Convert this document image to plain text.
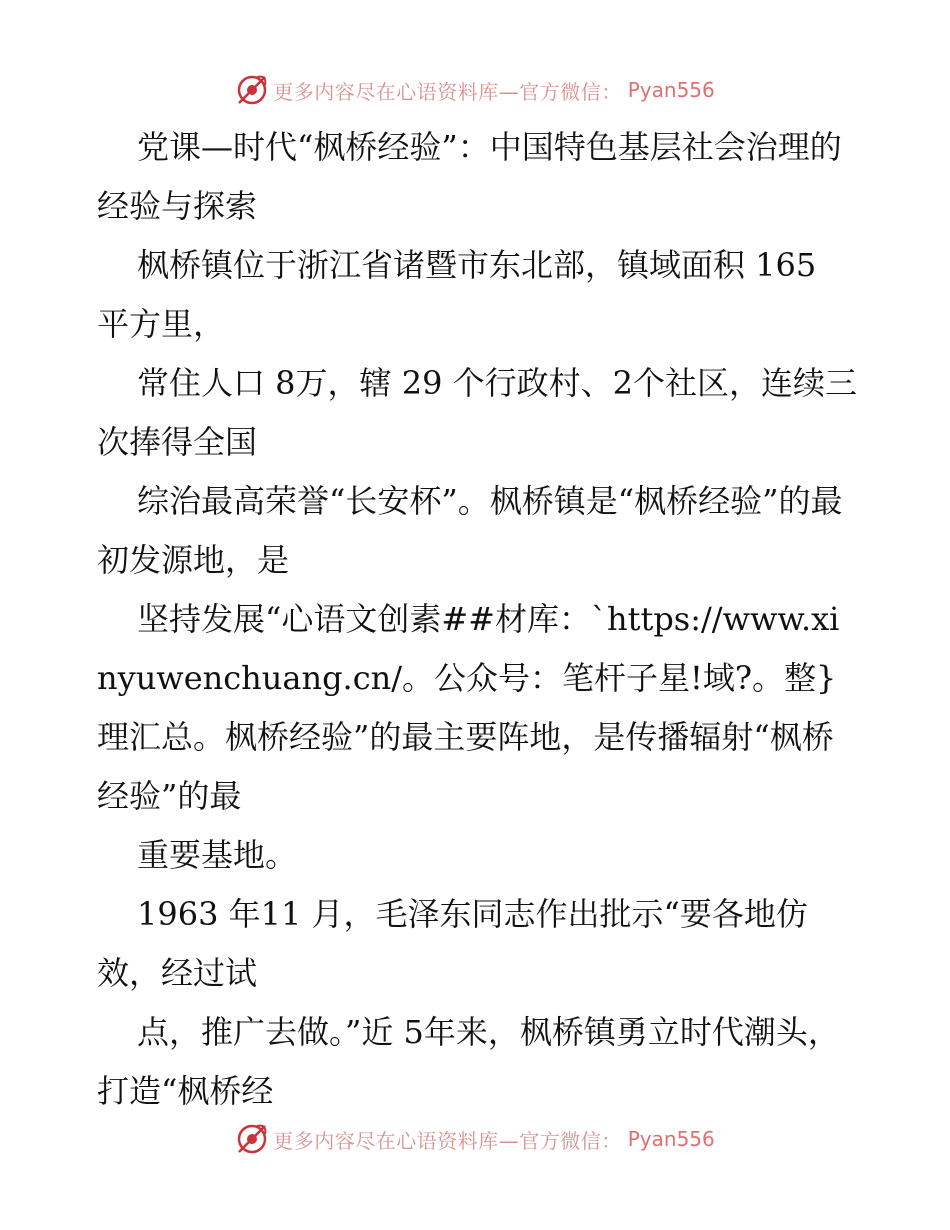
更多内容尽在心语资料库—官方微信： Pyan556

党课—时代“枫桥经验”：中国特色基层社会治理的经验与探索

枫桥镇位于浙江省诸暨市东北部，镇域面积 165 平方里，

常住人口 8万，辖 29 个行政村、2个社区，连续三次捧得全国

综治最高荣誉“长安杯”。枫桥镇是“枫桥经验”的最初发源地，是

坚持发展“心语文创素##材库：`https://www.xinyuwenchuang.cn/。公众号：笔杆子星!域?。整}理汇总。枫桥经验”的最主要阵地，是传播辐射“枫桥经验”的最

重要基地。

1963 年11 月，毛泽东同志作出批示“要各地仿效，经过试

点，推广去做。”近 5年来，枫桥镇勇立时代潮头，打造“枫桥经

更多内容尽在心语资料库—官方微信： Pyan556
